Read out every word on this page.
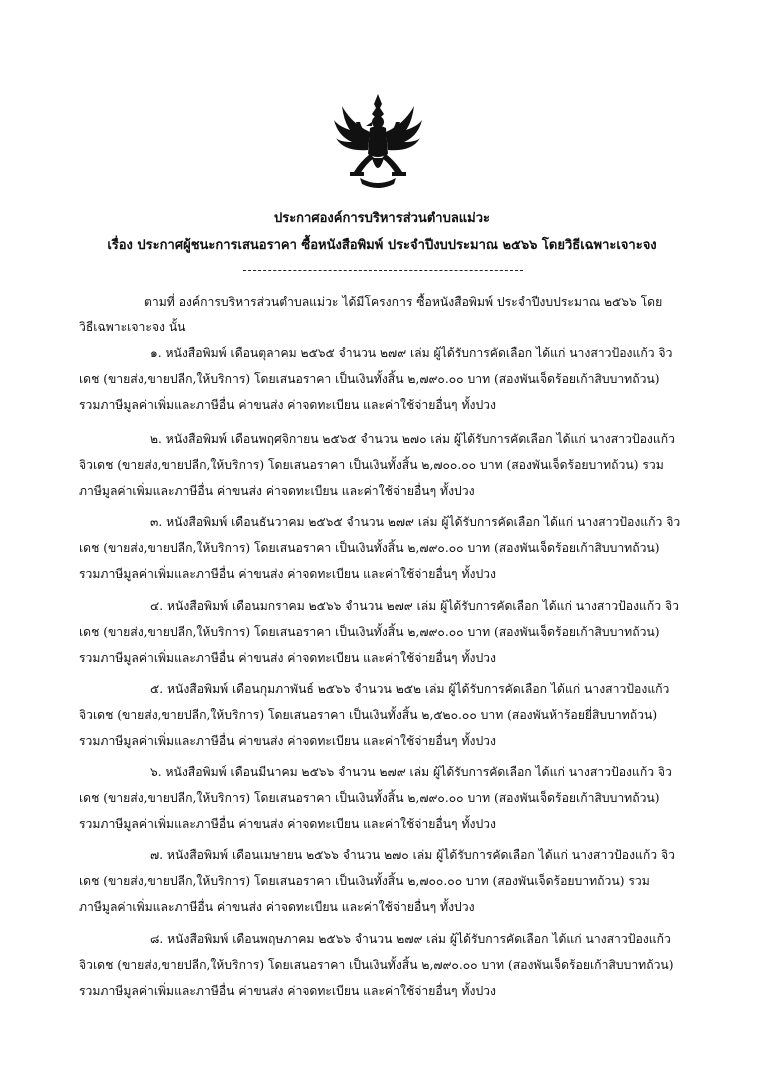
ประกาศองค์การบริหารส่วนตำบลแม่วะ
เรื่อง ประกาศผู้ชนะการเสนอราคา ซื้อหนังสือพิมพ์ ประจำปีงบประมาณ ๒๕๖๖ โดยวิธีเฉพาะเจาะจง
ตามที่ องค์การบริหารส่วนตำบลแม่วะ ได้มีโครงการ ซื้อหนังสือพิมพ์ ประจำปีงบประมาณ ๒๕๖๖ โดย
วิธีเฉพาะเจาะจง นั้น
๑. หนังสือพิมพ์ เดือนตุลาคม ๒๕๖๕ จำนวน ๒๗๙ เล่ม ผู้ได้รับการคัดเลือก ได้แก่ นางสาวป้องแก้ว จิว
เดช (ขายส่ง,ขายปลีก,ให้บริการ) โดยเสนอราคา เป็นเงินทั้งสิ้น ๒,๗๙๐.๐๐ บาท (สองพันเจ็ดร้อยเก้าสิบบาทถ้วน)
รวมภาษีมูลค่าเพิ่มและภาษีอื่น ค่าขนส่ง ค่าจดทะเบียน และค่าใช้จ่ายอื่นๆ ทั้งปวง
๒. หนังสือพิมพ์ เดือนพฤศจิกายน ๒๕๖๕ จำนวน ๒๗๐ เล่ม ผู้ได้รับการคัดเลือก ได้แก่ นางสาวป้องแก้ว
จิวเดช (ขายส่ง,ขายปลีก,ให้บริการ) โดยเสนอราคา เป็นเงินทั้งสิ้น ๒,๗๐๐.๐๐ บาท (สองพันเจ็ดร้อยบาทถ้วน) รวม
ภาษีมูลค่าเพิ่มและภาษีอื่น ค่าขนส่ง ค่าจดทะเบียน และค่าใช้จ่ายอื่นๆ ทั้งปวง
๓. หนังสือพิมพ์ เดือนธันวาคม ๒๕๖๕ จำนวน ๒๗๙ เล่ม ผู้ได้รับการคัดเลือก ได้แก่ นางสาวป้องแก้ว จิว
เดช (ขายส่ง,ขายปลีก,ให้บริการ) โดยเสนอราคา เป็นเงินทั้งสิ้น ๒,๗๙๐.๐๐ บาท (สองพันเจ็ดร้อยเก้าสิบบาทถ้วน)
รวมภาษีมูลค่าเพิ่มและภาษีอื่น ค่าขนส่ง ค่าจดทะเบียน และค่าใช้จ่ายอื่นๆ ทั้งปวง
๔. หนังสือพิมพ์ เดือนมกราคม ๒๕๖๖ จำนวน ๒๗๙ เล่ม ผู้ได้รับการคัดเลือก ได้แก่ นางสาวป้องแก้ว จิว
เดช (ขายส่ง,ขายปลีก,ให้บริการ) โดยเสนอราคา เป็นเงินทั้งสิ้น ๒,๗๙๐.๐๐ บาท (สองพันเจ็ดร้อยเก้าสิบบาทถ้วน)
รวมภาษีมูลค่าเพิ่มและภาษีอื่น ค่าขนส่ง ค่าจดทะเบียน และค่าใช้จ่ายอื่นๆ ทั้งปวง
๕. หนังสือพิมพ์ เดือนกุมภาพันธ์ ๒๕๖๖ จำนวน ๒๕๒ เล่ม ผู้ได้รับการคัดเลือก ได้แก่ นางสาวป้องแก้ว
จิวเดช (ขายส่ง,ขายปลีก,ให้บริการ) โดยเสนอราคา เป็นเงินทั้งสิ้น ๒,๕๒๐.๐๐ บาท (สองพันห้าร้อยยี่สิบบาทถ้วน)
รวมภาษีมูลค่าเพิ่มและภาษีอื่น ค่าขนส่ง ค่าจดทะเบียน และค่าใช้จ่ายอื่นๆ ทั้งปวง
๖. หนังสือพิมพ์ เดือนมีนาคม ๒๕๖๖ จำนวน ๒๗๙ เล่ม ผู้ได้รับการคัดเลือก ได้แก่ นางสาวป้องแก้ว จิว
เดช (ขายส่ง,ขายปลีก,ให้บริการ) โดยเสนอราคา เป็นเงินทั้งสิ้น ๒,๗๙๐.๐๐ บาท (สองพันเจ็ดร้อยเก้าสิบบาทถ้วน)
รวมภาษีมูลค่าเพิ่มและภาษีอื่น ค่าขนส่ง ค่าจดทะเบียน และค่าใช้จ่ายอื่นๆ ทั้งปวง
๗. หนังสือพิมพ์ เดือนเมษายน ๒๕๖๖ จำนวน ๒๗๐ เล่ม ผู้ได้รับการคัดเลือก ได้แก่ นางสาวป้องแก้ว จิว
เดช (ขายส่ง,ขายปลีก,ให้บริการ) โดยเสนอราคา เป็นเงินทั้งสิ้น ๒,๗๐๐.๐๐ บาท (สองพันเจ็ดร้อยบาทถ้วน) รวม
ภาษีมูลค่าเพิ่มและภาษีอื่น ค่าขนส่ง ค่าจดทะเบียน และค่าใช้จ่ายอื่นๆ ทั้งปวง
๘. หนังสือพิมพ์ เดือนพฤษภาคม ๒๕๖๖ จำนวน ๒๗๙ เล่ม ผู้ได้รับการคัดเลือก ได้แก่ นางสาวป้องแก้ว
จิวเดช (ขายส่ง,ขายปลีก,ให้บริการ) โดยเสนอราคา เป็นเงินทั้งสิ้น ๒,๗๙๐.๐๐ บาท (สองพันเจ็ดร้อยเก้าสิบบาทถ้วน)
รวมภาษีมูลค่าเพิ่มและภาษีอื่น ค่าขนส่ง ค่าจดทะเบียน และค่าใช้จ่ายอื่นๆ ทั้งปวง
